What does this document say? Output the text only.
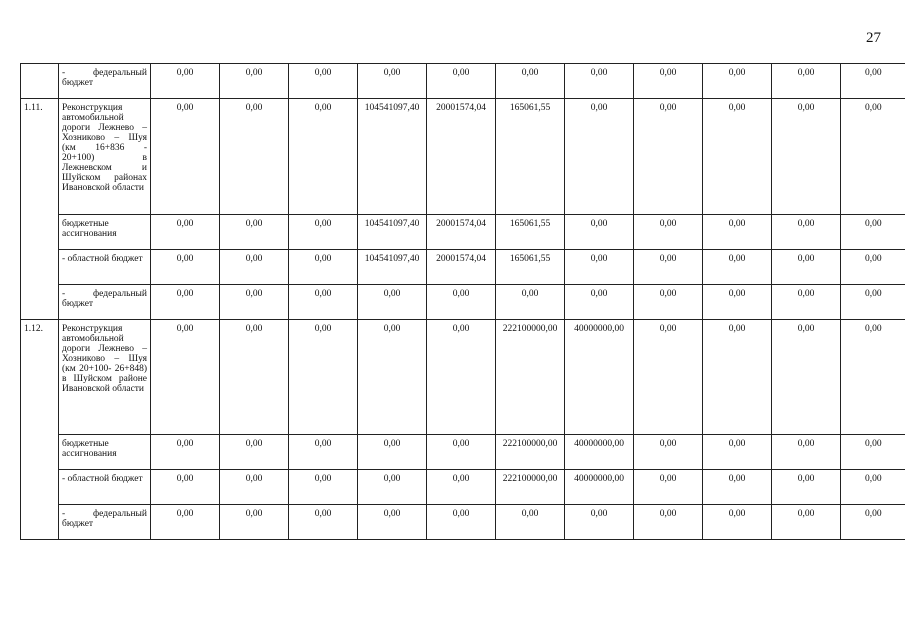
27
	- федеральный бюджет	0,00	0,00	0,00	0,00	0,00	0,00	0,00	0,00	0,00	0,00	0,00
1.11.	Реконструкция автомобильной дороги Лежнево – Хозниково – Шуя (км 16+836 - 20+100) в Лежневском и Шуйском районах Ивановской области	0,00	0,00	0,00	104541097,40	20001574,04	165061,55	0,00	0,00	0,00	0,00	0,00
	бюджетные ассигнования	0,00	0,00	0,00	104541097,40	20001574,04	165061,55	0,00	0,00	0,00	0,00	0,00
	- областной бюджет	0,00	0,00	0,00	104541097,40	20001574,04	165061,55	0,00	0,00	0,00	0,00	0,00
	- федеральный бюджет	0,00	0,00	0,00	0,00	0,00	0,00	0,00	0,00	0,00	0,00	0,00
1.12.	Реконструкция автомобильной дороги Лежнево – Хозниково – Шуя (км 20+100- 26+848) в Шуйском районе Ивановской области	0,00	0,00	0,00	0,00	0,00	222100000,00	40000000,00	0,00	0,00	0,00	0,00
	бюджетные ассигнования	0,00	0,00	0,00	0,00	0,00	222100000,00	40000000,00	0,00	0,00	0,00	0,00
	- областной бюджет	0,00	0,00	0,00	0,00	0,00	222100000,00	40000000,00	0,00	0,00	0,00	0,00
	- федеральный бюджет	0,00	0,00	0,00	0,00	0,00	0,00	0,00	0,00	0,00	0,00	0,00
